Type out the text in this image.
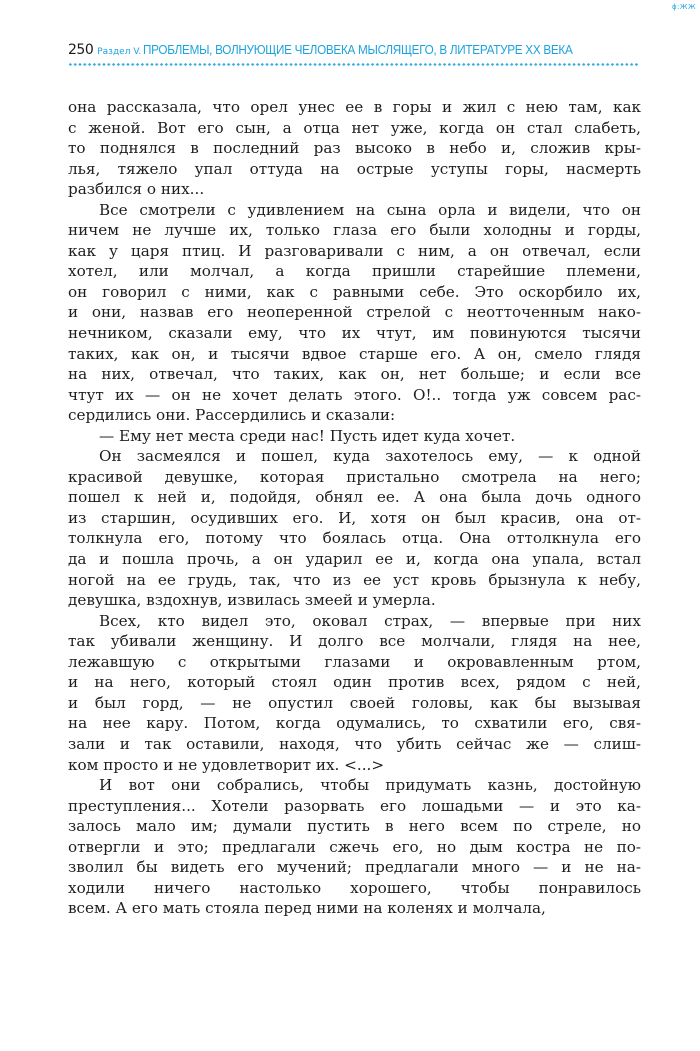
ϕ:ЖЖ
250 Раздел V. ПРОБЛЕМЫ, ВОЛНУЮЩИЕ ЧЕЛОВЕКА МЫСЛЯЩЕГО, В ЛИТЕРАТУРЕ XX ВЕКА

она рассказала, что орел унес ее в горы и жил с нею там, как
с женой. Вот его сын, а отца нет уже, когда он стал слабеть,
то поднялся в последний раз высоко в небо и, сложив кры-
лья, тяжело упал оттуда на острые уступы горы, насмерть
разбился о них...

Все смотрели с удивлением на сына орла и видели, что он
ничем не лучше их, только глаза его были холодны и горды,
как у царя птиц. И разговаривали с ним, а он отвечал, если
хотел, или молчал, а когда пришли старейшие племени,
он говорил с ними, как с равными себе. Это оскорбило их,
и они, назвав его неоперенной стрелой с неотточенным нако-
нечником, сказали ему, что их чтут, им повинуются тысячи
таких, как он, и тысячи вдвое старше его. А он, смело глядя
на них, отвечал, что таких, как он, нет больше; и если все
чтут их — он не хочет делать этого. О!.. тогда уж совсем рас-
сердились они. Рассердились и сказали:

— Ему нет места среди нас! Пусть идет куда хочет.

Он засмеялся и пошел, куда захотелось ему, — к одной
красивой девушке, которая пристально смотрела на него;
пошел к ней и, подойдя, обнял ее. А она была дочь одного
из старшин, осудивших его. И, хотя он был красив, она от-
толкнула его, потому что боялась отца. Она оттолкнула его
да и пошла прочь, а он ударил ее и, когда она упала, встал
ногой на ее грудь, так, что из ее уст кровь брызнула к небу,
девушка, вздохнув, извилась змеей и умерла.

Всех, кто видел это, оковал страх, — впервые при них
так убивали женщину. И долго все молчали, глядя на нее,
лежавшую с открытыми глазами и окровавленным ртом,
и на него, который стоял один против всех, рядом с ней,
и был горд, — не опустил своей головы, как бы вызывая
на нее кару. Потом, когда одумались, то схватили его, свя-
зали и так оставили, находя, что убить сейчас же — слиш-
ком просто и не удовлетворит их. <...>

И вот они собрались, чтобы придумать казнь, достойную
преступления... Хотели разорвать его лошадьми — и это ка-
залось мало им; думали пустить в него всем по стреле, но
отвергли и это; предлагали сжечь его, но дым костра не по-
зволил бы видеть его мучений; предлагали много — и не на-
ходили ничего настолько хорошего, чтобы понравилось
всем. А его мать стояла перед ними на коленях и молчала,
